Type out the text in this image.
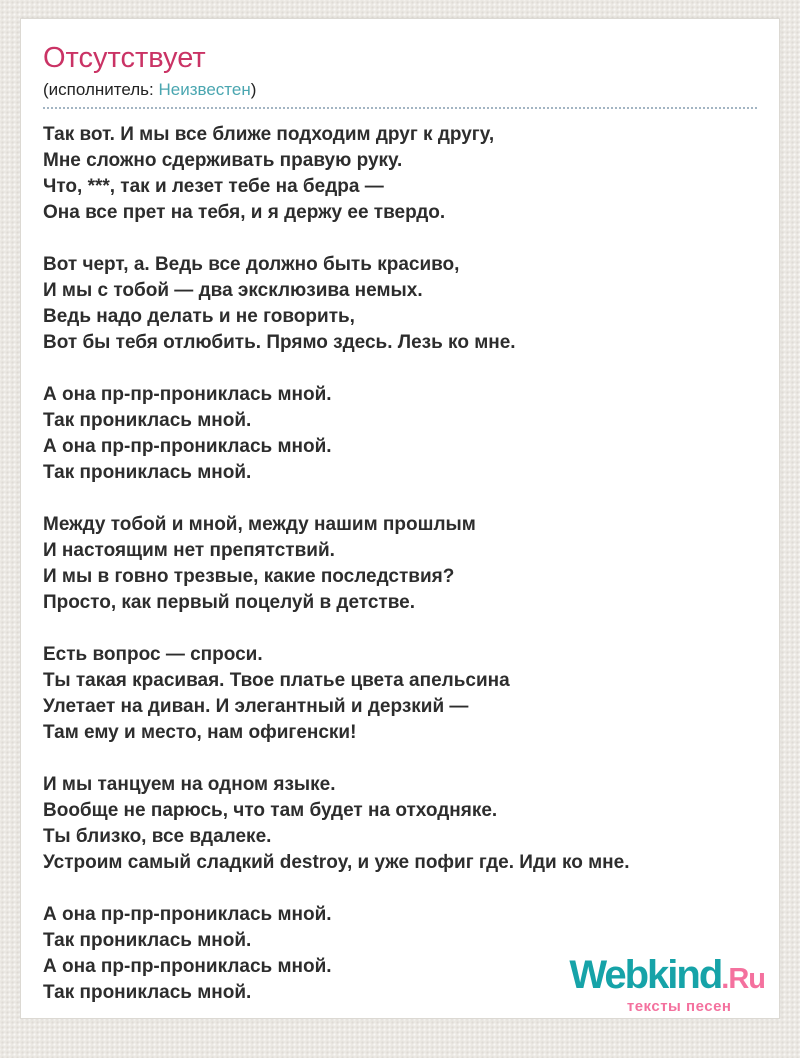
Отсутствует
(исполнитель: Неизвестен)
Так вот. И мы все ближе подходим друг к другу,
Мне сложно сдерживать правую руку.
Что, ***, так и лезет тебе на бедра —
Она все прет на тебя, и я держу ее твердо.
Вот черт, а. Ведь все должно быть красиво,
И мы с тобой — два эксклюзива немых.
Ведь надо делать и не говорить,
Вот бы тебя отлюбить. Прямо здесь. Лезь ко мне.
А она пр-пр-прониклась мной.
Так прониклась мной.
А она пр-пр-прониклась мной.
Так прониклась мной.
Между тобой и мной, между нашим прошлым
И настоящим нет препятствий.
И мы в говно трезвые, какие последствия?
Просто, как первый поцелуй в детстве.
Есть вопрос — спроси.
Ты такая красивая. Твое платье цвета апельсина
Улетает на диван. И элегантный и дерзкий —
Там ему и место, нам офигенски!
И мы танцуем на одном языке.
Вообще не парюсь, что там будет на отходняке.
Ты близко, все вдалеке.
Устроим самый сладкий destroy, и уже пофиг где. Иди ко мне.
А она пр-пр-прониклась мной.
Так прониклась мной.
А она пр-пр-прониклась мной.
Так прониклась мной.	Webkind.Ru
тексты песен
